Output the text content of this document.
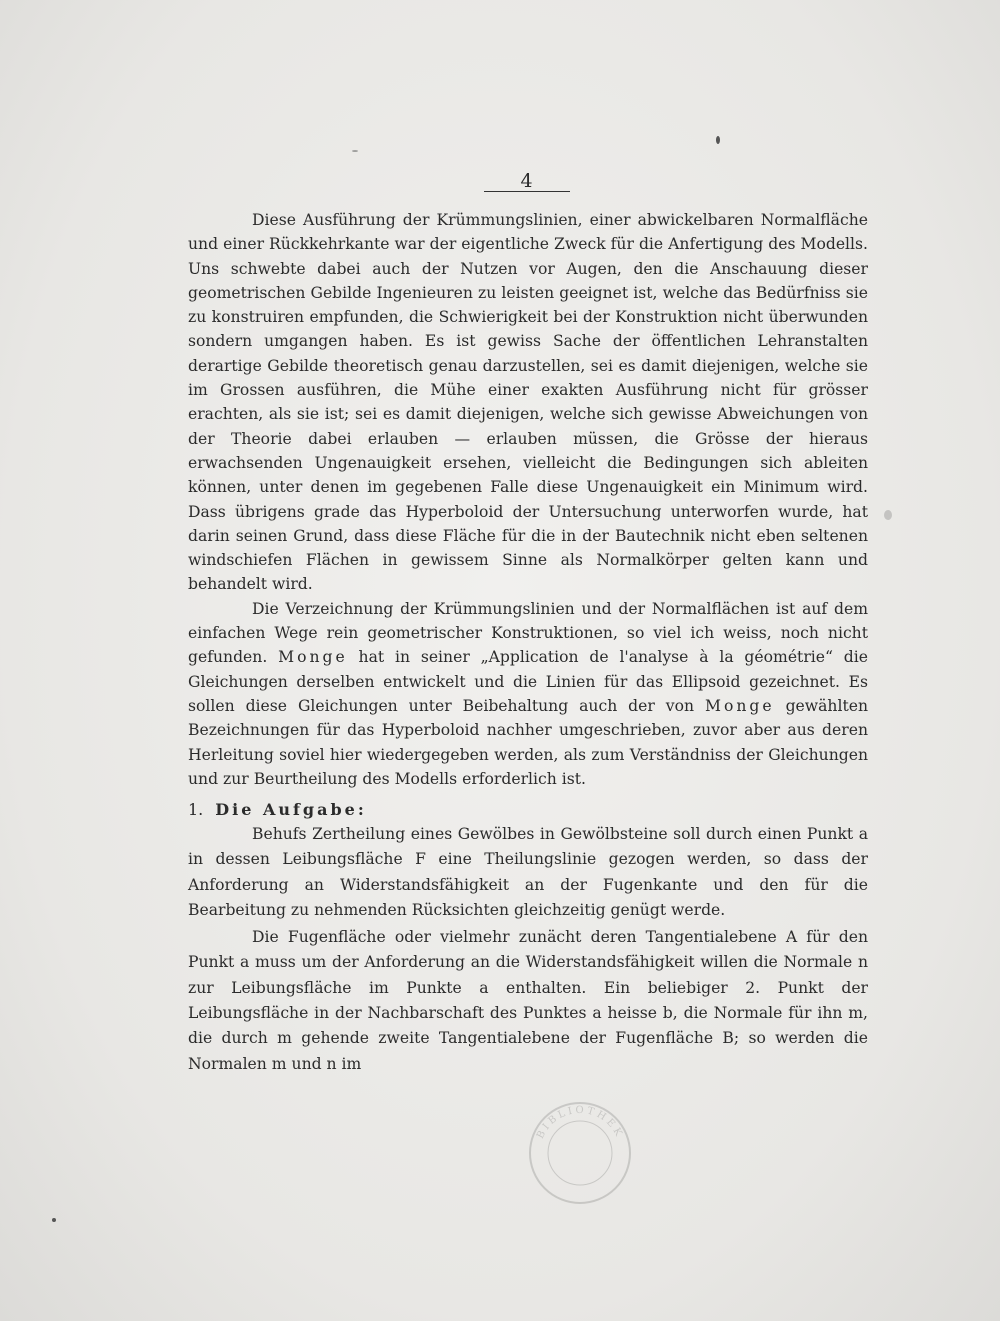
4

Diese Ausführung der Krümmungslinien, einer abwickelbaren Normalfläche und einer Rückkehrkante war der eigentliche Zweck für die Anfertigung des Modells. Uns schwebte dabei auch der Nutzen vor Augen, den die Anschauung dieser geometrischen Gebilde Ingenieuren zu leisten geeignet ist, welche das Bedürfniss sie zu konstruiren empfunden, die Schwierigkeit bei der Konstruktion nicht überwunden sondern umgangen haben. Es ist gewiss Sache der öffentlichen Lehranstalten derartige Gebilde theoretisch genau darzustellen, sei es damit diejenigen, welche sie im Grossen ausführen, die Mühe einer exakten Ausführung nicht für grösser erachten, als sie ist; sei es damit diejenigen, welche sich gewisse Abweichungen von der Theorie dabei erlauben — erlauben müssen, die Grösse der hieraus erwachsenden Ungenauigkeit ersehen, vielleicht die Bedingungen sich ableiten können, unter denen im gegebenen Falle diese Ungenauigkeit ein Minimum wird. Dass übrigens grade das Hyperboloid der Untersuchung unterworfen wurde, hat darin seinen Grund, dass diese Fläche für die in der Bautechnik nicht eben seltenen windschiefen Flächen in gewissem Sinne als Normalkörper gelten kann und behandelt wird.

Die Verzeichnung der Krümmungslinien und der Normalflächen ist auf dem einfachen Wege rein geometrischer Konstruktionen, so viel ich weiss, noch nicht gefunden. Monge hat in seiner „Application de l'analyse à la géométrie“ die Gleichungen derselben entwickelt und die Linien für das Ellipsoid gezeichnet. Es sollen diese Gleichungen unter Beibehaltung auch der von Monge gewählten Bezeichnungen für das Hyperboloid nachher umgeschrieben, zuvor aber aus deren Herleitung soviel hier wiedergegeben werden, als zum Verständniss der Gleichungen und zur Beurtheilung des Modells erforderlich ist.

1. Die Aufgabe:

Behufs Zertheilung eines Gewölbes in Gewölbsteine soll durch einen Punkt a in dessen Leibungsfläche F eine Theilungslinie gezogen werden, so dass der Anforderung an Widerstandsfähigkeit an der Fugenkante und den für die Bearbeitung zu nehmenden Rücksichten gleichzeitig genügt werde.

Die Fugenfläche oder vielmehr zunächt deren Tangentialebene A für den Punkt a muss um der Anforderung an die Widerstandsfähigkeit willen die Normale n zur Leibungsfläche im Punkte a enthalten. Ein beliebiger 2. Punkt der Leibungsfläche in der Nachbarschaft des Punktes a heisse b, die Normale für ihn m, die durch m gehende zweite Tangentialebene der Fugenfläche B; so werden die Normalen m und n im

BIBLIOTHEK
